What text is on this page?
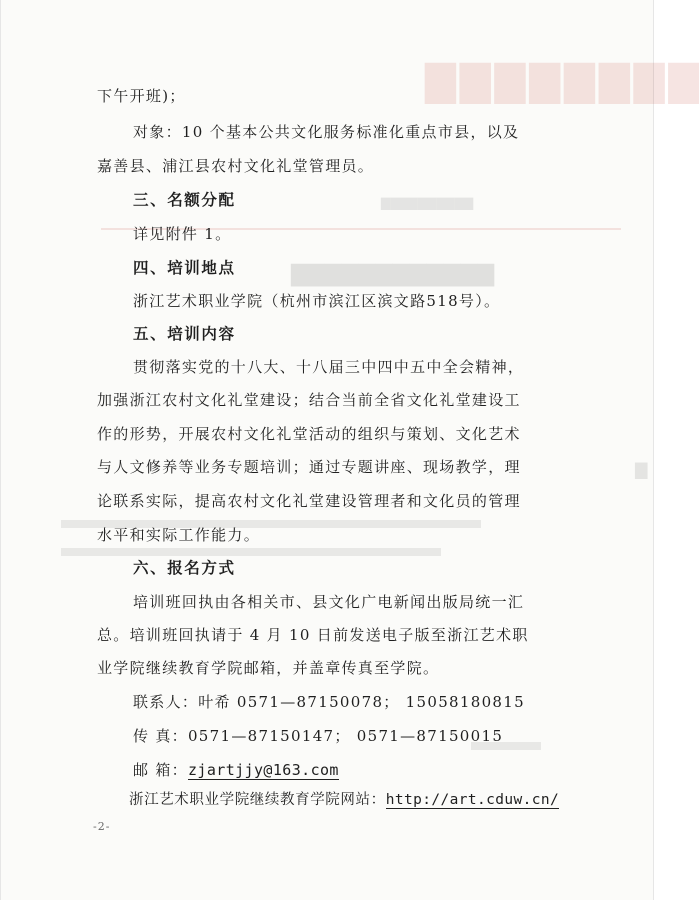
▇▇▇▇▇▇▇▇
▇▇▇▇▇▇▇▇▇▇
▇▇▇▇▇▇▇▇▇▇▇▇
▇
下午开班)；
对象：10 个基本公共文化服务标准化重点市县，以及
嘉善县、浦江县农村文化礼堂管理员。
三、名额分配
详见附件 1。
四、培训地点
浙江艺术职业学院（杭州市滨江区滨文路518号）。
五、培训内容
贯彻落实党的十八大、十八届三中四中五中全会精神，
加强浙江农村文化礼堂建设；结合当前全省文化礼堂建设工
作的形势，开展农村文化礼堂活动的组织与策划、文化艺术
与人文修养等业务专题培训；通过专题讲座、现场教学，理
论联系实际，提高农村文化礼堂建设管理者和文化员的管理
水平和实际工作能力。
六、报名方式
培训班回执由各相关市、县文化广电新闻出版局统一汇
总。培训班回执请于 4 月 10 日前发送电子版至浙江艺术职
业学院继续教育学院邮箱，并盖章传真至学院。
联系人：叶希 0571—87150078； 15058180815
传 真：0571—87150147； 0571—87150015
邮 箱：zjartjjy@163.com
浙江艺术职业学院继续教育学院网站：http://art.cduw.cn/
-2-
